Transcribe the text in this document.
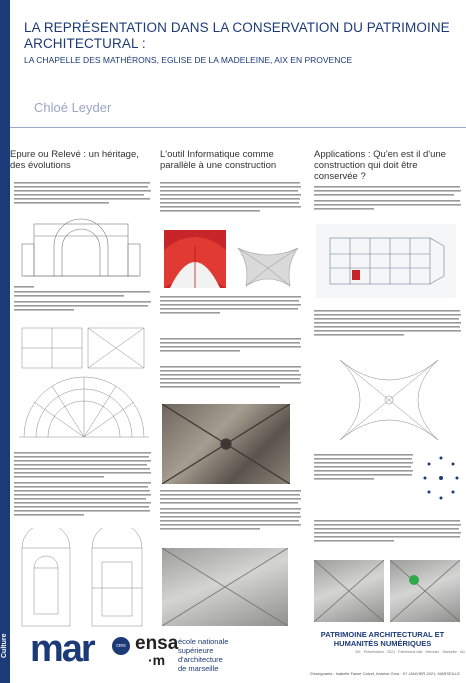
Culture
LA REPRÉSENTATION DANS LA CONSERVATION DU PATRIMOINE ARCHITECTURAL :
LA CHAPELLE DES MATHÉRONS, EGLISE DE LA MADELEINE, AIX EN PROVENCE
Chloé Leyder
Epure ou Relevé : un héritage, des évolutions
L'outil Informatique comme parallèle à une construction
Applications : Qu'en est il d'une construction qui doit être conservée ?
mar	cnrs ensa
·m
école nationale
supérieure
d'architecture
de marseille
PATRIMOINE ARCHITECTURAL ET HUMANITÉS NUMÉRIQUES
M2 · Préservation · 2021 · Patrimoine bâti · Mémoire · Marseille · Aix
Enseignants : Isabelle Fasse Calvet, Antoine Gros · 07 JANVIER 2021, MARSEILLE
